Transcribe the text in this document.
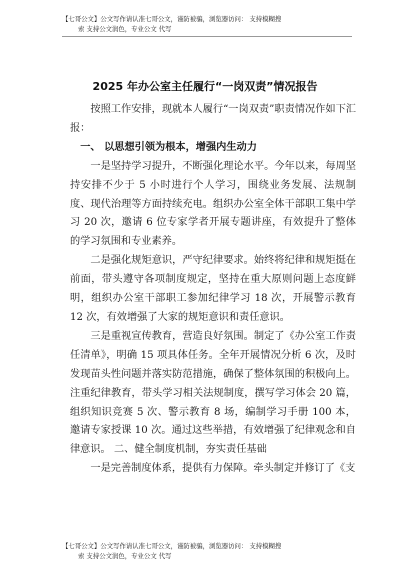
【七哥公文】公文写作请认准七哥公文，谨防被骗，浏览器访问： 支持模糊搜
索 支持公文润色，专业公文 代写
2025 年办公室主任履行“一岗双责”情况报告

按照工作安排，现就本人履行“一岗双责”职责情况作如下汇报：

一、 以思想引领为根本，增强内生动力

一是坚持学习提升，不断强化理论水平。今年以来，每周坚持安排不少于 5 小时进行个人学习，围绕业务发展、法规制度、现代治理等方面持续充电。组织办公室全体干部职工集中学习 20 次，邀请 6 位专家学者开展专题讲座，有效提升了整体的学习氛围和专业素养。

二是强化规矩意识，严守纪律要求。始终将纪律和规矩挺在前面，带头遵守各项制度规定，坚持在重大原则问题上态度鲜明，组织办公室干部职工参加纪律学习 18 次，开展警示教育 12 次，有效增强了大家的规矩意识和责任意识。

三是重视宣传教育，营造良好氛围。制定了《办公室工作责任清单》，明确 15 项具体任务。全年开展情况分析 6 次，及时发现苗头性问题并落实防范措施，确保了整体氛围的积极向上。注重纪律教育，带头学习相关法规制度，撰写学习体会 20 篇，组织知识竞赛 5 次、警示教育 8 场，编制学习手册 100 本，邀请专家授课 10 次。通过这些举措，有效增强了纪律观念和自律意识。 二、健全制度机制，夯实责任基础

一是完善制度体系，提供有力保障。牵头制定并修订了《支

【七哥公文】公文写作请认准七哥公文，谨防被骗，浏览器访问： 支持模糊搜
索 支持公文润色，专业公文 代写
